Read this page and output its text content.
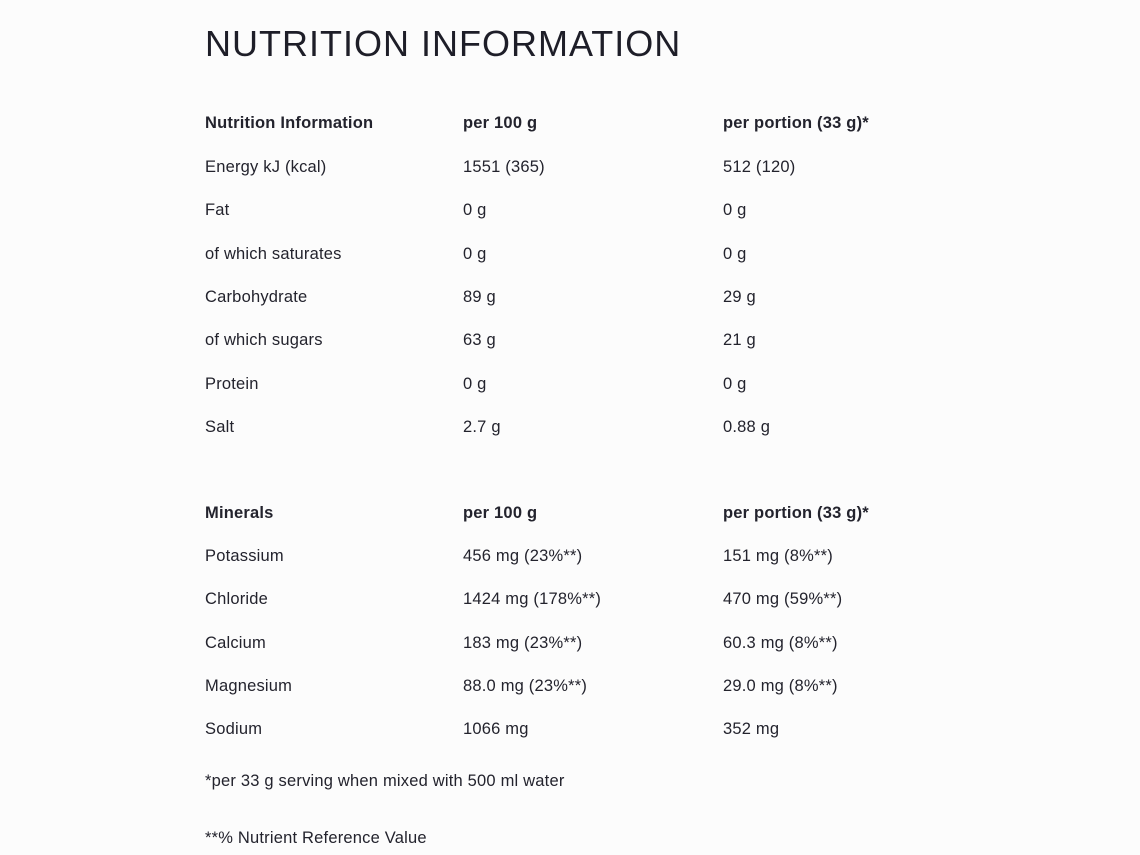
NUTRITION INFORMATION
Nutrition Information	per 100 g	per portion (33 g)*
Energy kJ (kcal)	1551 (365)	512 (120)
Fat	0 g	0 g
of which saturates	0 g	0 g
Carbohydrate	89 g	29 g
of which sugars	63 g	21 g
Protein	0 g	0 g
Salt	2.7 g	0.88 g
Minerals	per 100 g	per portion (33 g)*
Potassium	456 mg (23%**)	151 mg (8%**)
Chloride	1424 mg (178%**)	470 mg (59%**)
Calcium	183 mg (23%**)	60.3 mg (8%**)
Magnesium	88.0 mg (23%**)	29.0 mg (8%**)
Sodium	1066 mg	352 mg
*per 33 g serving when mixed with 500 ml water
**% Nutrient Reference Value
